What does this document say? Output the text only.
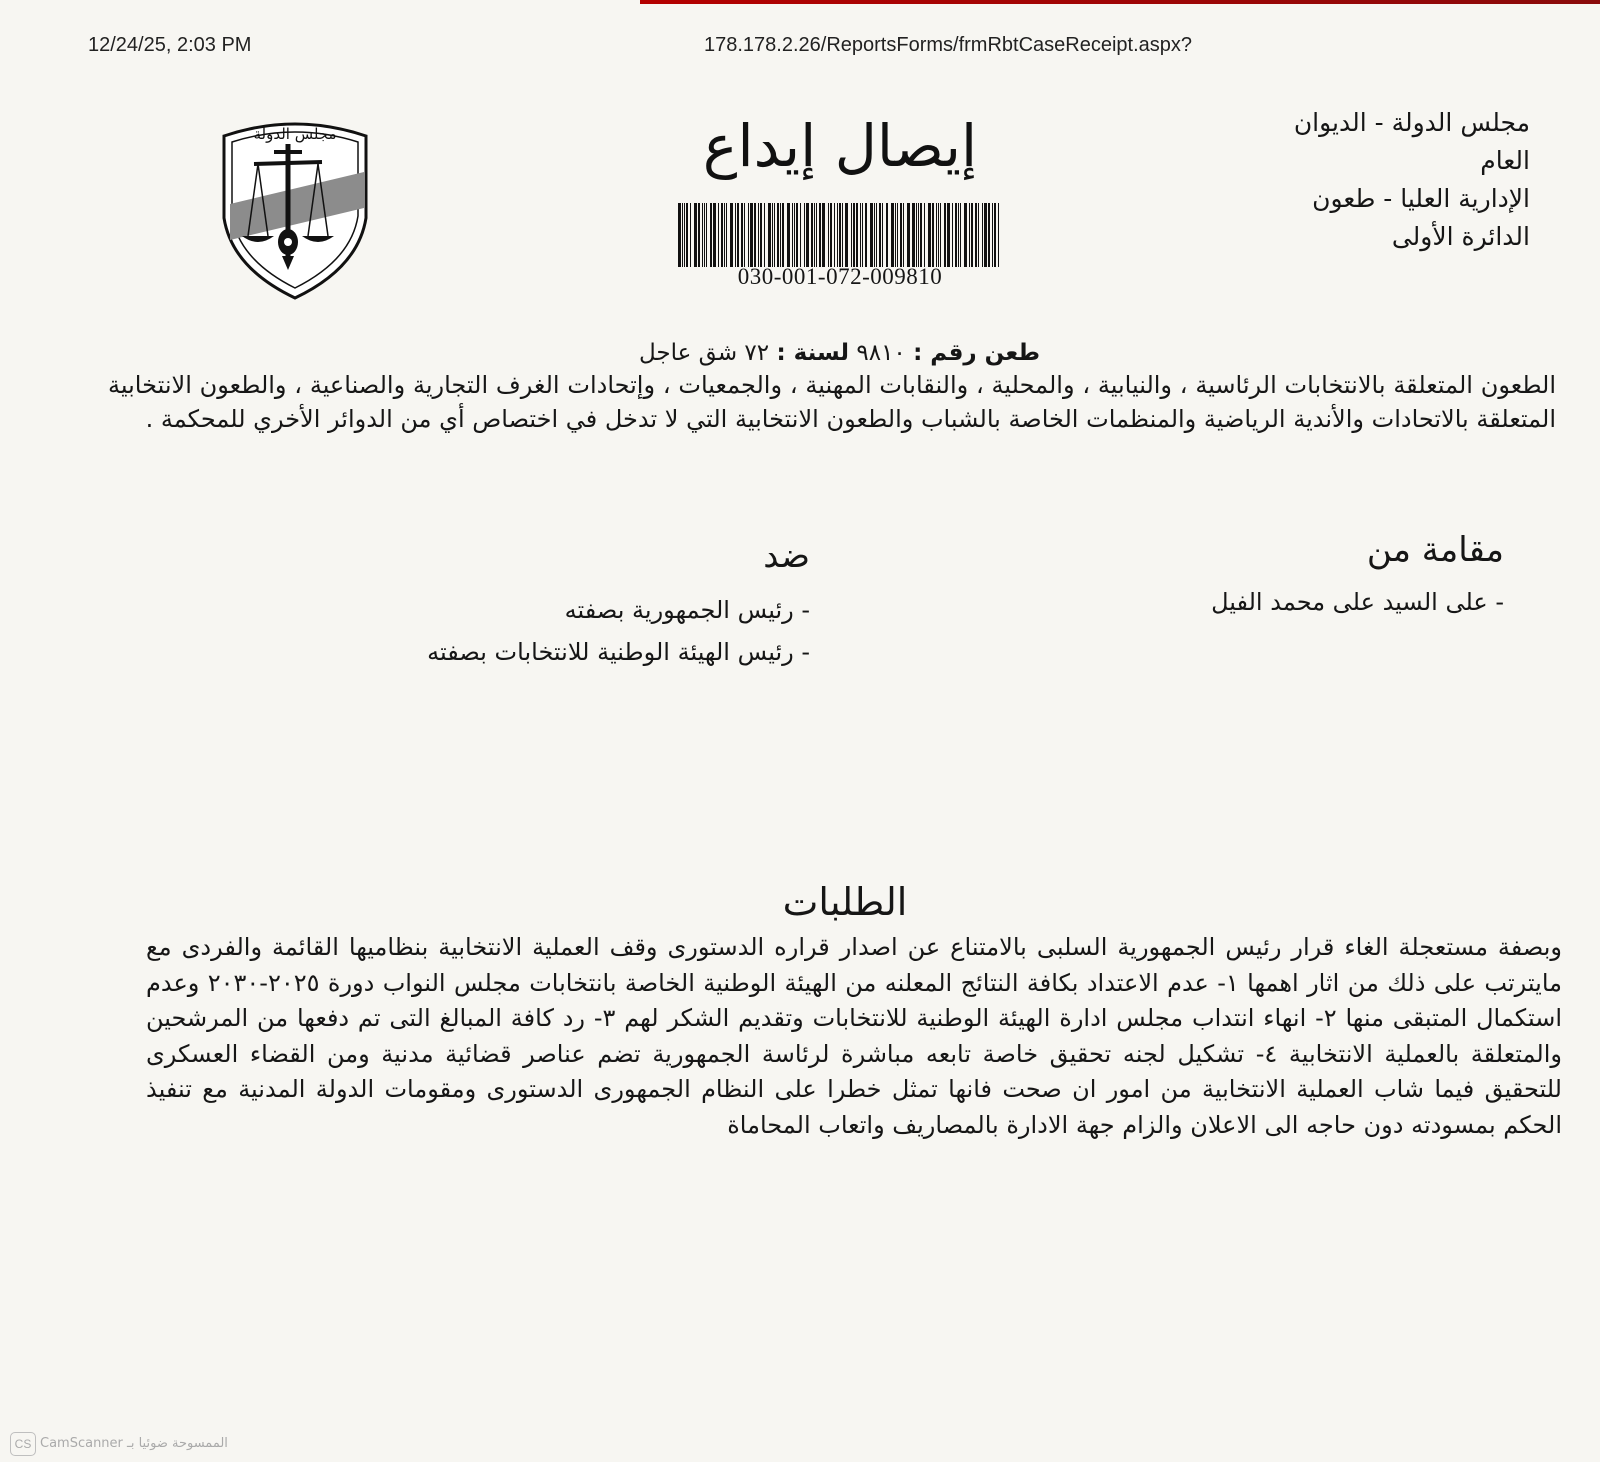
12/24/25, 2:03 PM	178.178.2.26/ReportsForms/frmRbtCaseReceipt.aspx?
مجلس الدولة - الديوان
العام
الإدارية العليا - طعون
الدائرة الأولى
إيصال إيداع
030-001-072-009810
مجلس الدولة
طعن رقم : ٩٨١٠ لسنة : ٧٢ شق عاجل
الطعون المتعلقة بالانتخابات الرئاسية ، والنيابية ، والمحلية ، والنقابات المهنية ، والجمعيات ، وإتحادات الغرف التجارية والصناعية ، والطعون الانتخابية المتعلقة بالاتحادات والأندية الرياضية والمنظمات الخاصة بالشباب والطعون الانتخابية التي لا تدخل في اختصاص أي من الدوائر الأخري للمحكمة .
مقامة من
- على السيد على محمد الفيل
ضد
- رئيس الجمهورية بصفته
- رئيس الهيئة الوطنية للانتخابات بصفته
الطلبات
وبصفة مستعجلة الغاء قرار رئيس الجمهورية السلبى بالامتناع عن اصدار قراره الدستورى وقف العملية الانتخابية بنظاميها القائمة والفردى مع مايترتب على ذلك من اثار اهمها ١- عدم الاعتداد بكافة النتائج المعلنه من الهيئة الوطنية الخاصة بانتخابات مجلس النواب دورة ٢٠٢٥-٢٠٣٠ وعدم استكمال المتبقى منها ٢- انهاء انتداب مجلس ادارة الهيئة الوطنية للانتخابات وتقديم الشكر لهم ٣- رد كافة المبالغ التى تم دفعها من المرشحين والمتعلقة بالعملية الانتخابية ٤- تشكيل لجنه تحقيق خاصة تابعه مباشرة لرئاسة الجمهورية تضم عناصر قضائية مدنية ومن القضاء العسكرى للتحقيق فيما شاب العملية الانتخابية من امور ان صحت فانها تمثل خطرا على النظام الجمهورى الدستورى ومقومات الدولة المدنية مع تنفيذ الحكم بمسودته دون حاجه الى الاعلان والزام جهة الادارة بالمصاريف واتعاب المحاماة
CS الممسوحة ضوئيا بـ CamScanner
